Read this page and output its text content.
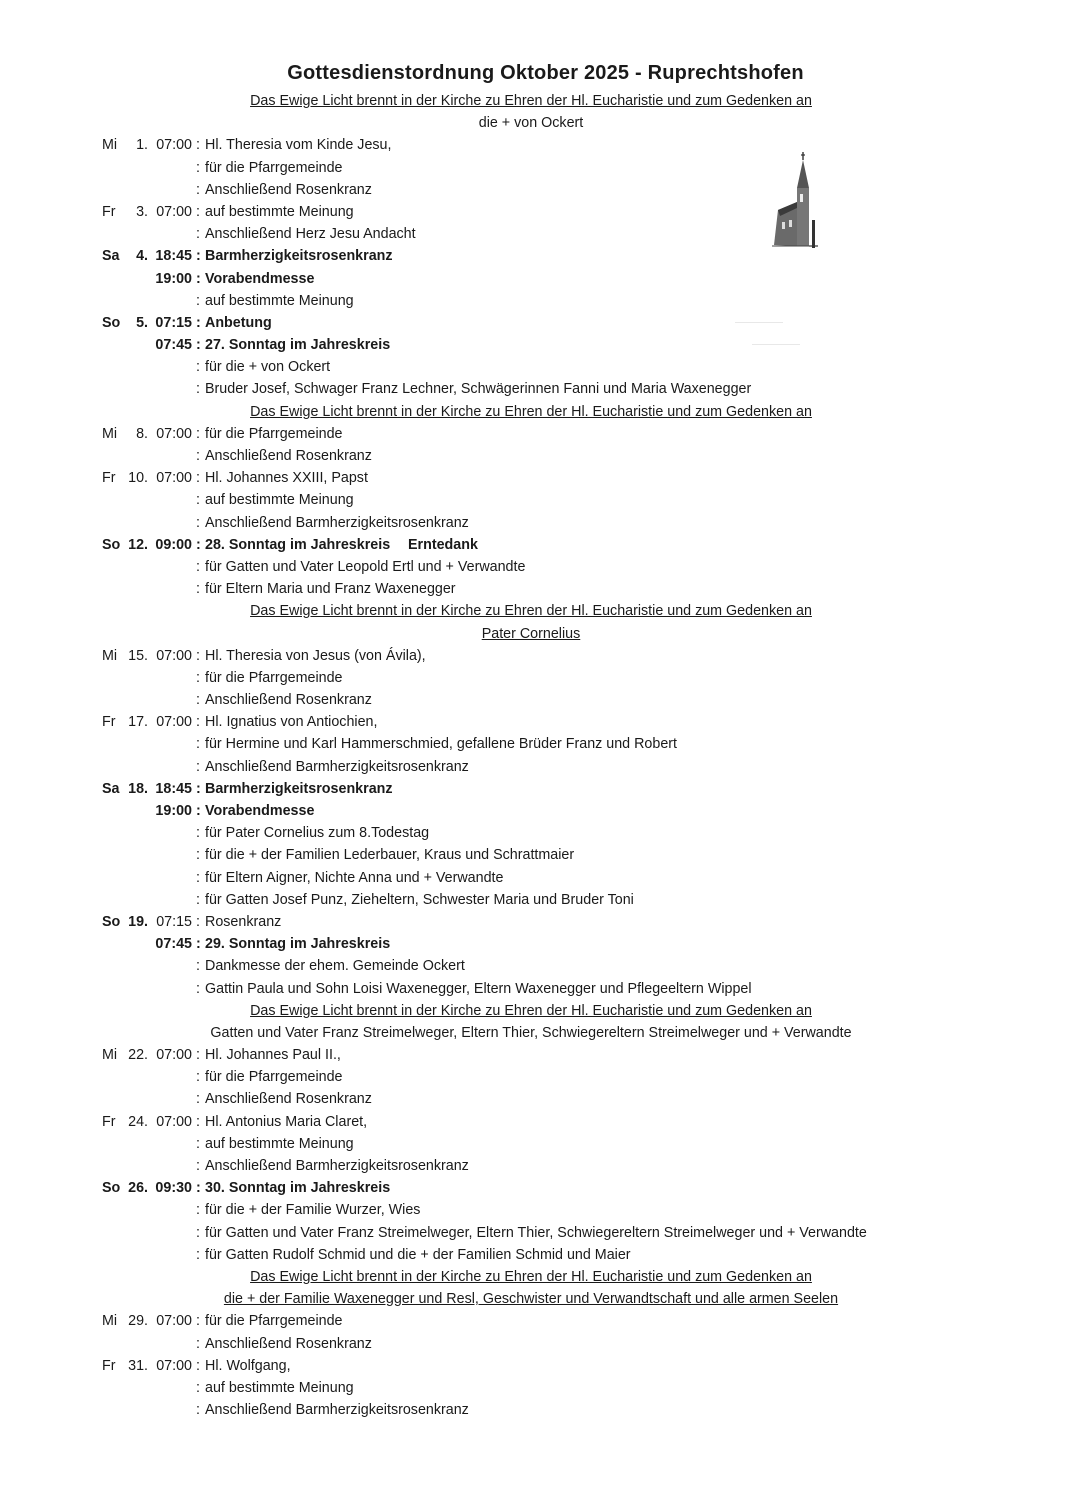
Gottesdienstordnung Oktober 2025 - Ruprechtshofen
Das Ewige Licht brennt in der Kirche zu Ehren der Hl. Eucharistie und zum Gedenken an
die + von Ockert
Mi	1. 07:00 : Hl. Theresia vom Kinde Jesu,
: für die Pfarrgemeinde
: Anschließend Rosenkranz
Fr	3. 07:00 : auf bestimmte Meinung
: Anschließend Herz Jesu Andacht
Sa	4. 18:45 : Barmherzigkeitsrosenkranz
19:00 : Vorabendmesse
: auf bestimmte Meinung
So	5. 07:15 : Anbetung
07:45 : 27. Sonntag im Jahreskreis
: für die + von Ockert
: Bruder Josef, Schwager Franz Lechner, Schwägerinnen Fanni und Maria Waxenegger
Das Ewige Licht brennt in der Kirche zu Ehren der Hl. Eucharistie und zum Gedenken an
Mi	8. 07:00 : für die Pfarrgemeinde
: Anschließend Rosenkranz
Fr 10. 07:00 : Hl. Johannes XXIII, Papst
: auf bestimmte Meinung
: Anschließend Barmherzigkeitsrosenkranz
So 12. 09:00 : 28. Sonntag im Jahreskreis Erntedank
: für Gatten und Vater Leopold Ertl und + Verwandte
: für Eltern Maria und Franz Waxenegger
Das Ewige Licht brennt in der Kirche zu Ehren der Hl. Eucharistie und zum Gedenken an
Pater Cornelius
Mi 15. 07:00 : Hl. Theresia von Jesus (von Ávila),
: für die Pfarrgemeinde
: Anschließend Rosenkranz
Fr 17. 07:00 : Hl. Ignatius von Antiochien,
: für Hermine und Karl Hammerschmied, gefallene Brüder Franz und Robert
: Anschließend Barmherzigkeitsrosenkranz
Sa 18. 18:45 : Barmherzigkeitsrosenkranz
19:00 : Vorabendmesse
: für Pater Cornelius zum 8.Todestag
: für die + der Familien Lederbauer, Kraus und Schrattmaier
: für Eltern Aigner, Nichte Anna und + Verwandte
: für Gatten Josef Punz, Zieheltern, Schwester Maria und Bruder Toni
So 19. 07:15 : Rosenkranz
07:45 : 29. Sonntag im Jahreskreis
: Dankmesse der ehem. Gemeinde Ockert
: Gattin Paula und Sohn Loisi Waxenegger, Eltern Waxenegger und Pflegeeltern Wippel
Das Ewige Licht brennt in der Kirche zu Ehren der Hl. Eucharistie und zum Gedenken an
Gatten und Vater Franz Streimelweger, Eltern Thier, Schwiegereltern Streimelweger und + Verwandte
Mi 22. 07:00 : Hl. Johannes Paul II.,
: für die Pfarrgemeinde
: Anschließend Rosenkranz
Fr 24. 07:00 : Hl. Antonius Maria Claret,
: auf bestimmte Meinung
: Anschließend Barmherzigkeitsrosenkranz
So 26. 09:30 : 30. Sonntag im Jahreskreis
: für die + der Familie Wurzer, Wies
: für Gatten und Vater Franz Streimelweger, Eltern Thier, Schwiegereltern Streimelweger und + Verwandte
: für Gatten Rudolf Schmid und die + der Familien Schmid und Maier
Das Ewige Licht brennt in der Kirche zu Ehren der Hl. Eucharistie und zum Gedenken an
die + der Familie Waxenegger und Resl, Geschwister und Verwandtschaft und alle armen Seelen
Mi 29. 07:00 : für die Pfarrgemeinde
: Anschließend Rosenkranz
Fr 31. 07:00 : Hl. Wolfgang,
: auf bestimmte Meinung
: Anschließend Barmherzigkeitsrosenkranz
